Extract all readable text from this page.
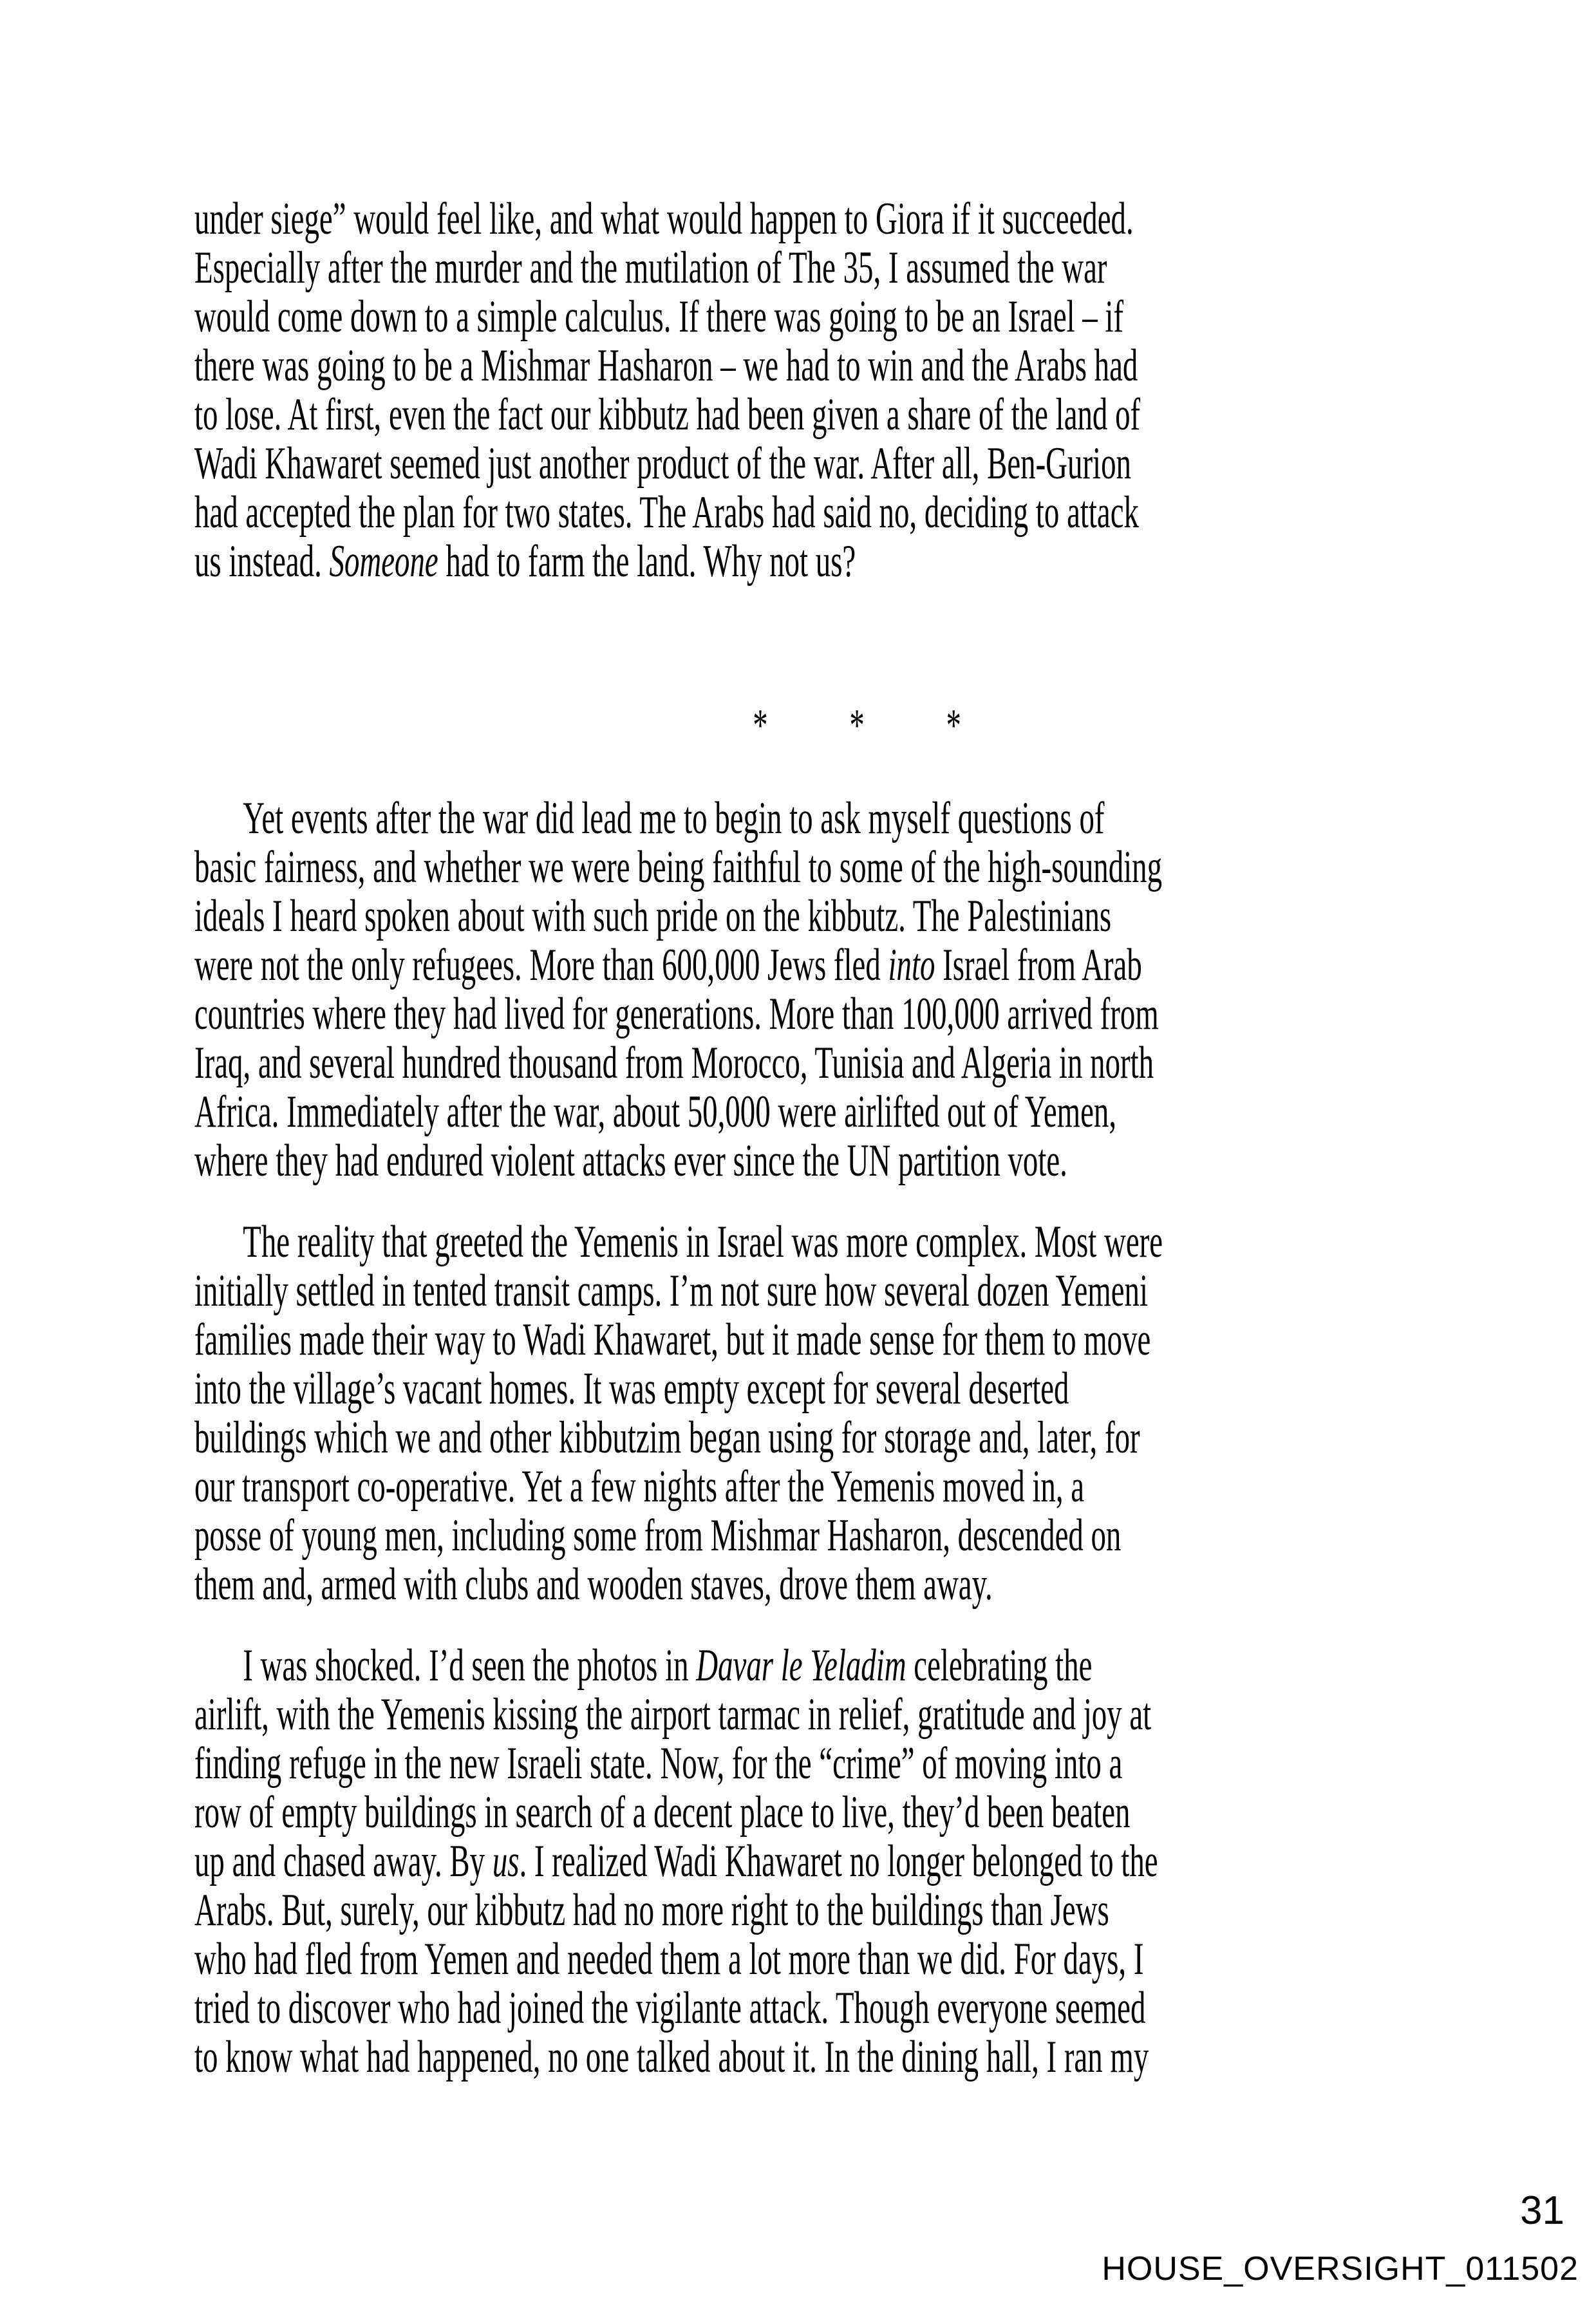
under siege” would feel like, and what would happen to Giora if it succeeded.
Especially after the murder and the mutilation of The 35, I assumed the war
would come down to a simple calculus. If there was going to be an Israel – if
there was going to be a Mishmar Hasharon – we had to win and the Arabs had
to lose. At first, even the fact our kibbutz had been given a share of the land of
Wadi Khawaret seemed just another product of the war. After all, Ben-Gurion
had accepted the plan for two states. The Arabs had said no, deciding to attack
us instead. Someone had to farm the land. Why not us?
* * *
Yet events after the war did lead me to begin to ask myself questions of
basic fairness, and whether we were being faithful to some of the high-sounding
ideals I heard spoken about with such pride on the kibbutz. The Palestinians
were not the only refugees. More than 600,000 Jews fled into Israel from Arab
countries where they had lived for generations. More than 100,000 arrived from
Iraq, and several hundred thousand from Morocco, Tunisia and Algeria in north
Africa. Immediately after the war, about 50,000 were airlifted out of Yemen,
where they had endured violent attacks ever since the UN partition vote.
The reality that greeted the Yemenis in Israel was more complex. Most were
initially settled in tented transit camps. I’m not sure how several dozen Yemeni
families made their way to Wadi Khawaret, but it made sense for them to move
into the village’s vacant homes. It was empty except for several deserted
buildings which we and other kibbutzim began using for storage and, later, for
our transport co-operative. Yet a few nights after the Yemenis moved in, a
posse of young men, including some from Mishmar Hasharon, descended on
them and, armed with clubs and wooden staves, drove them away.
I was shocked. I’d seen the photos in Davar le Yeladim celebrating the
airlift, with the Yemenis kissing the airport tarmac in relief, gratitude and joy at
finding refuge in the new Israeli state. Now, for the “crime” of moving into a
row of empty buildings in search of a decent place to live, they’d been beaten
up and chased away. By us. I realized Wadi Khawaret no longer belonged to the
Arabs. But, surely, our kibbutz had no more right to the buildings than Jews
who had fled from Yemen and needed them a lot more than we did. For days, I
tried to discover who had joined the vigilante attack. Though everyone seemed
to know what had happened, no one talked about it. In the dining hall, I ran my
31
HOUSE_OVERSIGHT_011502
